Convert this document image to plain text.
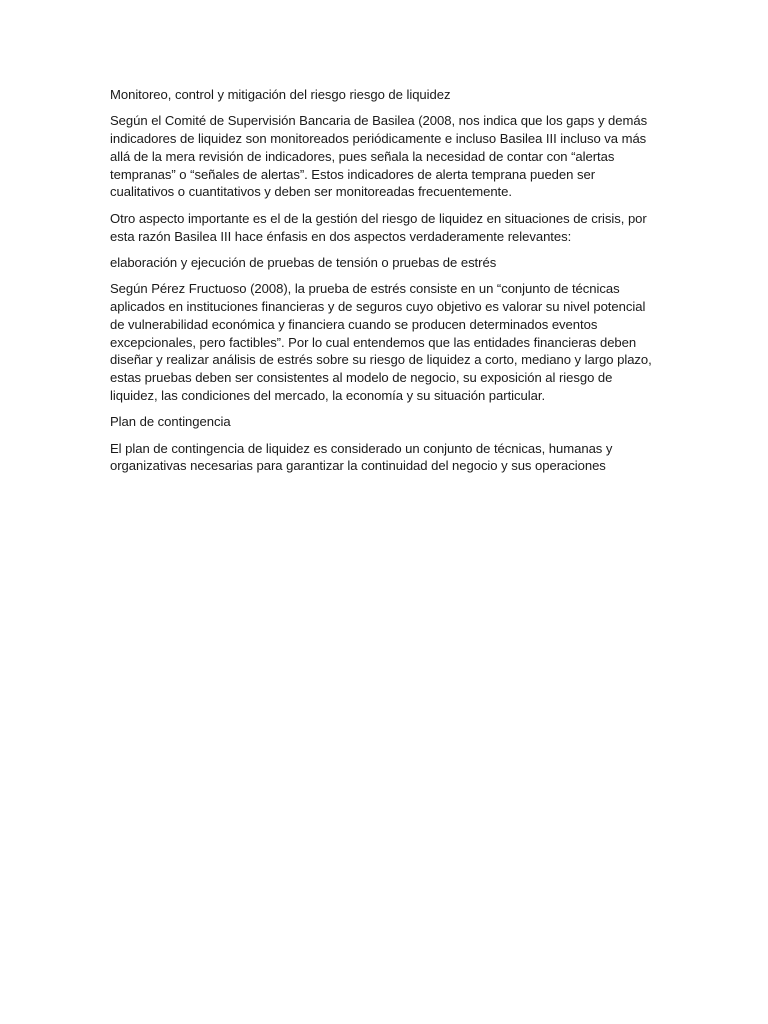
Monitoreo, control y mitigación del riesgo riesgo de liquidez

Según el Comité de Supervisión Bancaria de Basilea (2008, nos indica que los gaps y demás indicadores de liquidez son monitoreados periódicamente e incluso Basilea III incluso va más allá de la mera revisión de indicadores, pues señala la necesidad de contar con “alertas tempranas” o “señales de alertas”. Estos indicadores de alerta temprana pueden ser cualitativos o cuantitativos y deben ser monitoreadas frecuentemente.

Otro aspecto importante es el de la gestión del riesgo de liquidez en situaciones de crisis, por esta razón Basilea III hace énfasis en dos aspectos verdaderamente relevantes:

elaboración y ejecución de pruebas de tensión o pruebas de estrés

Según Pérez Fructuoso (2008), la prueba de estrés consiste en un “conjunto de técnicas aplicados en instituciones financieras y de seguros cuyo objetivo es valorar su nivel potencial de vulnerabilidad económica y financiera cuando se producen determinados eventos excepcionales, pero factibles”. Por lo cual entendemos que las entidades financieras deben diseñar y realizar análisis de estrés sobre su riesgo de liquidez a corto, mediano y largo plazo, estas pruebas deben ser consistentes al modelo de negocio, su exposición al riesgo de liquidez, las condiciones del mercado, la economía y su situación particular.

Plan de contingencia

El plan de contingencia de liquidez es considerado un conjunto de técnicas, humanas y organizativas necesarias para garantizar la continuidad del negocio y sus operaciones
